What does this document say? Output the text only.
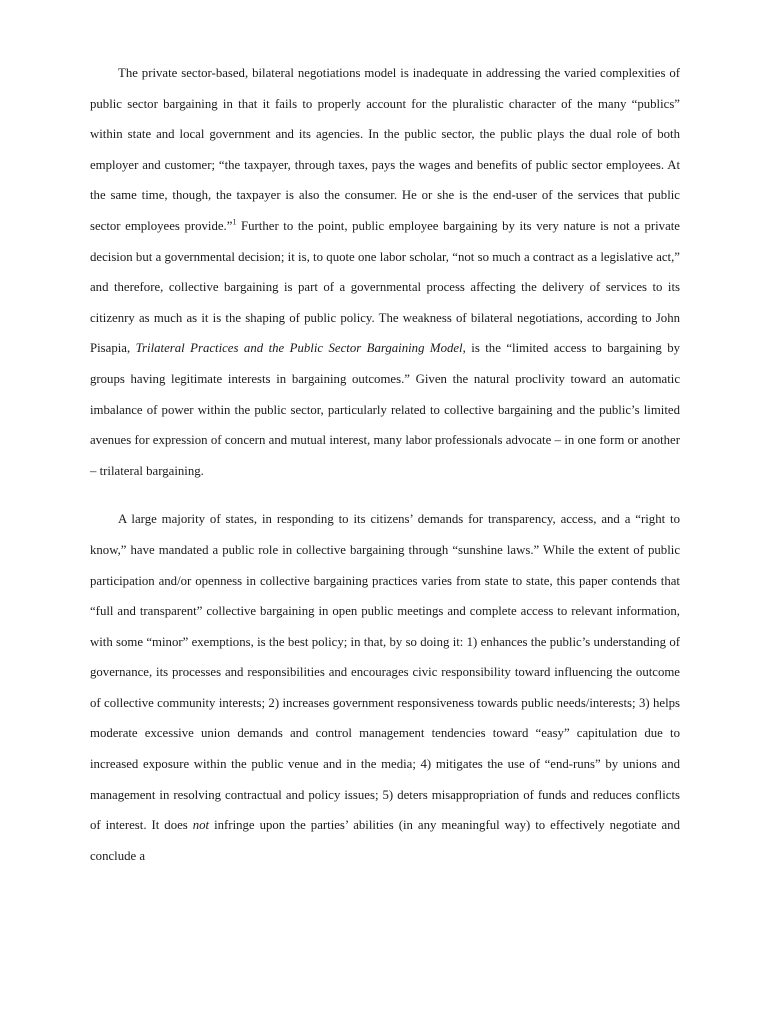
The private sector-based, bilateral negotiations model is inadequate in addressing the varied complexities of public sector bargaining in that it fails to properly account for the pluralistic character of the many “publics” within state and local government and its agencies. In the public sector, the public plays the dual role of both employer and customer; “the taxpayer, through taxes, pays the wages and benefits of public sector employees. At the same time, though, the taxpayer is also the consumer. He or she is the end-user of the services that public sector employees provide.”$^1$ Further to the point, public employee bargaining by its very nature is not a private decision but a governmental decision; it is, to quote one labor scholar, “not so much a contract as a legislative act,” and therefore, collective bargaining is part of a governmental process affecting the delivery of services to its citizenry as much as it is the shaping of public policy. The weakness of bilateral negotiations, according to John Pisapia, Trilateral Practices and the Public Sector Bargaining Model, is the “limited access to bargaining by groups having legitimate interests in bargaining outcomes.” Given the natural proclivity toward an automatic imbalance of power within the public sector, particularly related to collective bargaining and the public’s limited avenues for expression of concern and mutual interest, many labor professionals advocate – in one form or another – trilateral bargaining.

A large majority of states, in responding to its citizens’ demands for transparency, access, and a “right to know,” have mandated a public role in collective bargaining through “sunshine laws.” While the extent of public participation and/or openness in collective bargaining practices varies from state to state, this paper contends that “full and transparent” collective bargaining in open public meetings and complete access to relevant information, with some “minor” exemptions, is the best policy; in that, by so doing it: 1) enhances the public’s understanding of governance, its processes and responsibilities and encourages civic responsibility toward influencing the outcome of collective community interests; 2) increases government responsiveness towards public needs/interests; 3) helps moderate excessive union demands and control management tendencies toward “easy” capitulation due to increased exposure within the public venue and in the media; 4) mitigates the use of “end-runs” by unions and management in resolving contractual and policy issues; 5) deters misappropriation of funds and reduces conflicts of interest. It does not infringe upon the parties’ abilities (in any meaningful way) to effectively negotiate and conclude a
